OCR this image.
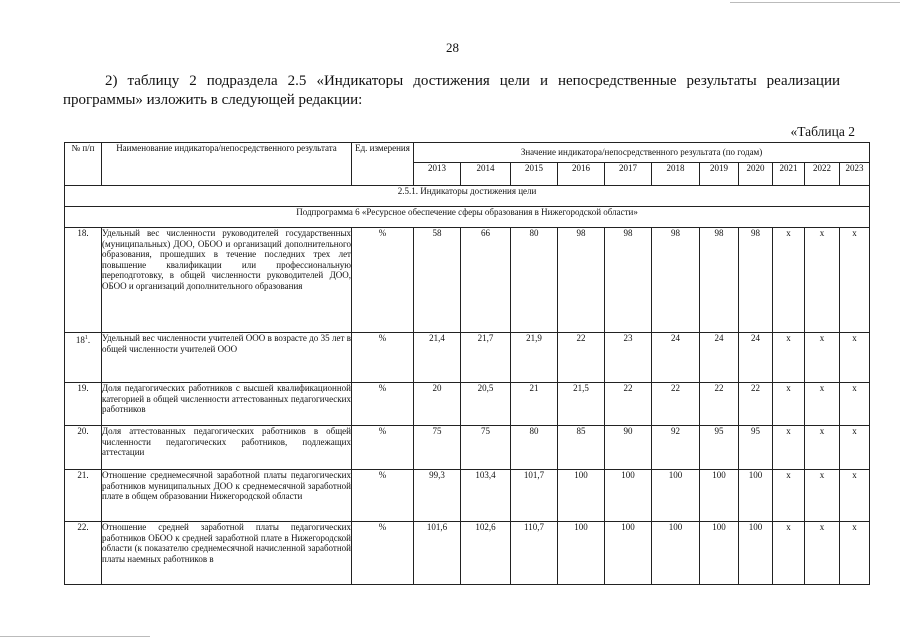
28
2) таблицу 2 подраздела 2.5 «Индикаторы достижения цели и непосредственные результаты реализации программы» изложить в следующей редакции:
«Таблица 2
№ п/п	Наименование индикатора/непосредственного результата	Ед. измерения	Значение индикатора/непосредственного результата (по годам)										
			2013	2014	2015	2016	2017	2018	2019	2020	2021	2022	2023
2.5.1. Индикаторы достижения цели													
Подпрограмма 6 «Ресурсное обеспечение сферы образования в Нижегородской области»													
18.	Удельный вес численности руководителей государственных (муниципальных) ДОО, ОБОО и организаций дополнительного образования, прошедших в течение последних трех лет повышение квалификации или профессиональную переподготовку, в общей численности руководителей ДОО, ОБОО и организаций дополнительного образования	%	58	66	80	98	98	98	98	98	x	x	x
$18^1$.	Удельный вес численности учителей ООО в возрасте до 35 лет в общей численности учителей ООО	%	21,4	21,7	21,9	22	23	24	24	24	x	x	x
19.	Доля педагогических работников с высшей квалификационной категорией в общей численности аттестованных педагогических работников	%	20	20,5	21	21,5	22	22	22	22	x	x	x
20.	Доля аттестованных педагогических работников в общей численности педагогических работников, подлежащих аттестации	%	75	75	80	85	90	92	95	95	x	x	x
21.	Отношение среднемесячной заработной платы педагогических работников муниципальных ДОО к среднемесячной заработной плате в общем образовании Нижегородской области	%	99,3	103,4	101,7	100	100	100	100	100	x	x	x
22.	Отношение средней заработной платы педагогических работников ОБОО к средней заработной плате в Нижегородской области (к показателю среднемесячной начисленной заработной платы наемных работников в	%	101,6	102,6	110,7	100	100	100	100	100	x	x	x
